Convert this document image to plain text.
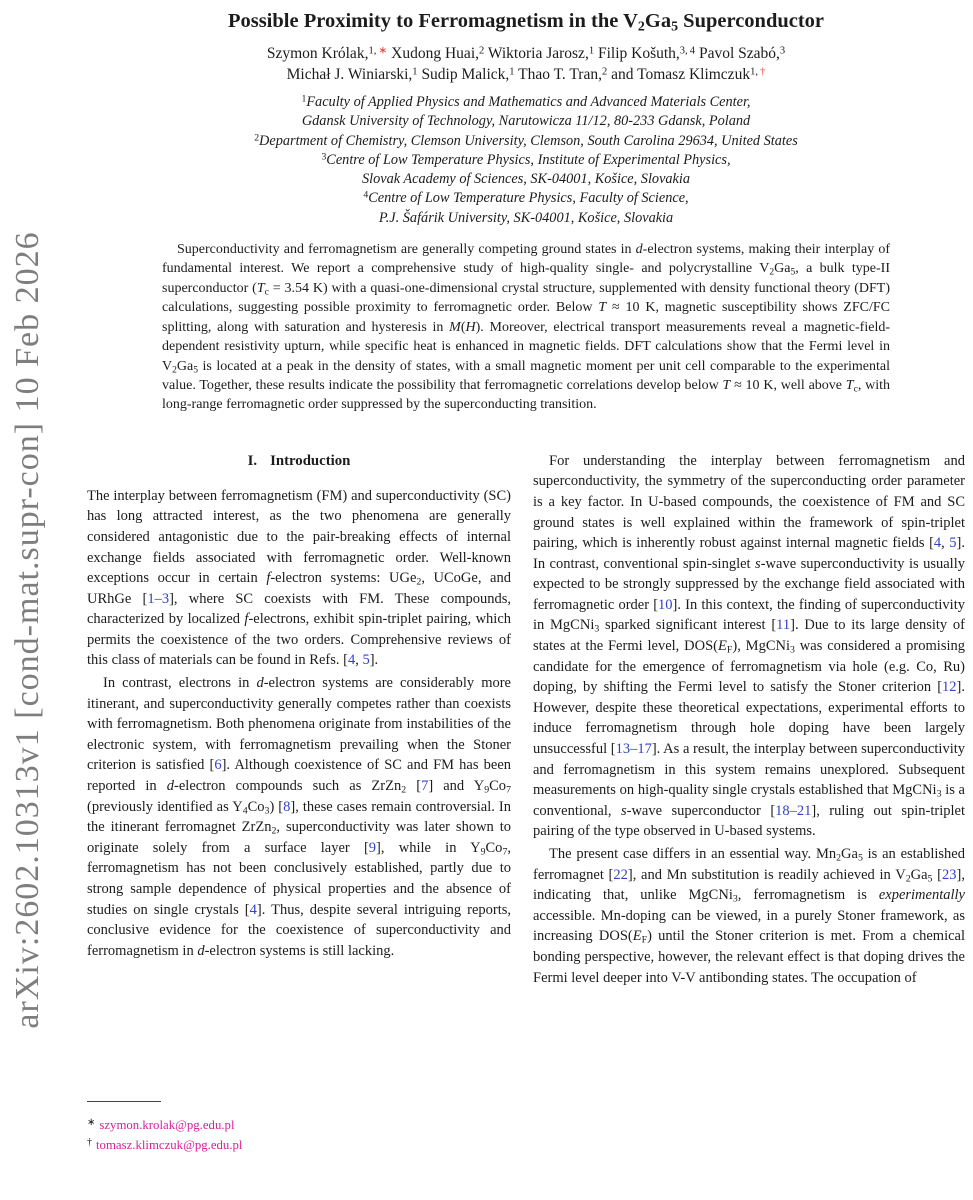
arXiv:2602.10313v1 [cond-mat.supr-con] 10 Feb 2026
Possible Proximity to Ferromagnetism in the V2Ga5 Superconductor
Szymon Królak,$^{1,}$ ∗ Xudong Huai,$^2$ Wiktoria Jarosz,$^1$ Filip Košuth,$^{3, 4}$ Pavol Szabó,$^3$
Michał J. Winiarski,$^1$ Sudip Malick,$^1$ Thao T. Tran,$^2$ and Tomasz Klimczuk$^{1,}$ †
$^1$Faculty of Applied Physics and Mathematics and Advanced Materials Center,
Gdansk University of Technology, Narutowicza 11/12, 80-233 Gdansk, Poland
$^2$Department of Chemistry, Clemson University, Clemson, South Carolina 29634, United States
$^3$Centre of Low Temperature Physics, Institute of Experimental Physics,
Slovak Academy of Sciences, SK-04001, Košice, Slovakia
$^4$Centre of Low Temperature Physics, Faculty of Science,
P.J. Šafárik University, SK-04001, Košice, Slovakia
Superconductivity and ferromagnetism are generally competing ground states in d-electron systems, making their interplay of fundamental interest. We report a comprehensive study of high-quality single- and polycrystalline V2Ga5, a bulk type-II superconductor (Tc = 3.54 K) with a quasi-one-dimensional crystal structure, supplemented with density functional theory (DFT) calculations, suggesting possible proximity to ferromagnetic order. Below T ≈ 10 K, magnetic susceptibility shows ZFC/FC splitting, along with saturation and hysteresis in M(H). Moreover, electrical transport measurements reveal a magnetic-field-dependent resistivity upturn, while specific heat is enhanced in magnetic fields. DFT calculations show that the Fermi level in V2Ga5 is located at a peak in the density of states, with a small magnetic moment per unit cell comparable to the experimental value. Together, these results indicate the possibility that ferromagnetic correlations develop below T ≈ 10 K, well above Tc, with long-range ferromagnetic order suppressed by the superconducting transition.
I. Introduction

The interplay between ferromagnetism (FM) and superconductivity (SC) has long attracted interest, as the two phenomena are generally considered antagonistic due to the pair-breaking effects of internal exchange fields associated with ferromagnetic order. Well-known exceptions occur in certain f-electron systems: UGe2, UCoGe, and URhGe [1–3], where SC coexists with FM. These compounds, characterized by localized f-electrons, exhibit spin-triplet pairing, which permits the coexistence of the two orders. Comprehensive reviews of this class of materials can be found in Refs. [4, 5].

In contrast, electrons in d-electron systems are considerably more itinerant, and superconductivity generally competes rather than coexists with ferromagnetism. Both phenomena originate from instabilities of the electronic system, with ferromagnetism prevailing when the Stoner criterion is satisfied [6]. Although coexistence of SC and FM has been reported in d-electron compounds such as ZrZn2 [7] and Y9Co7 (previously identified as Y4Co3) [8], these cases remain controversial. In the itinerant ferromagnet ZrZn2, superconductivity was later shown to originate solely from a surface layer [9], while in Y9Co7, ferromagnetism has not been conclusively established, partly due to strong sample dependence of physical properties and the absence of studies on single crystals [4]. Thus, despite several intriguing reports, conclusive evidence for the coexistence of superconductivity and ferromagnetism in d-electron systems is still lacking.

∗ szymon.krolak@pg.edu.pl
† tomasz.klimczuk@pg.edu.pl

For understanding the interplay between ferromagnetism and superconductivity, the symmetry of the superconducting order parameter is a key factor. In U-based compounds, the coexistence of FM and SC ground states is well explained within the framework of spin-triplet pairing, which is inherently robust against internal magnetic fields [4, 5]. In contrast, conventional spin-singlet s-wave superconductivity is usually expected to be strongly suppressed by the exchange field associated with ferromagnetic order [10]. In this context, the finding of superconductivity in MgCNi3 sparked significant interest [11]. Due to its large density of states at the Fermi level, DOS(EF), MgCNi3 was considered a promising candidate for the emergence of ferromagnetism via hole (e.g. Co, Ru) doping, by shifting the Fermi level to satisfy the Stoner criterion [12]. However, despite these theoretical expectations, experimental efforts to induce ferromagnetism through hole doping have been largely unsuccessful [13–17]. As a result, the interplay between superconductivity and ferromagnetism in this system remains unexplored. Subsequent measurements on high-quality single crystals established that MgCNi3 is a conventional, s-wave superconductor [18–21], ruling out spin-triplet pairing of the type observed in U-based systems.

The present case differs in an essential way. Mn2Ga5 is an established ferromagnet [22], and Mn substitution is readily achieved in V2Ga5 [23], indicating that, unlike MgCNi3, ferromagnetism is experimentally accessible. Mn-doping can be viewed, in a purely Stoner framework, as increasing DOS(EF) until the Stoner criterion is met. From a chemical bonding perspective, however, the relevant effect is that doping drives the Fermi level deeper into V-V antibonding states. The occupation of
